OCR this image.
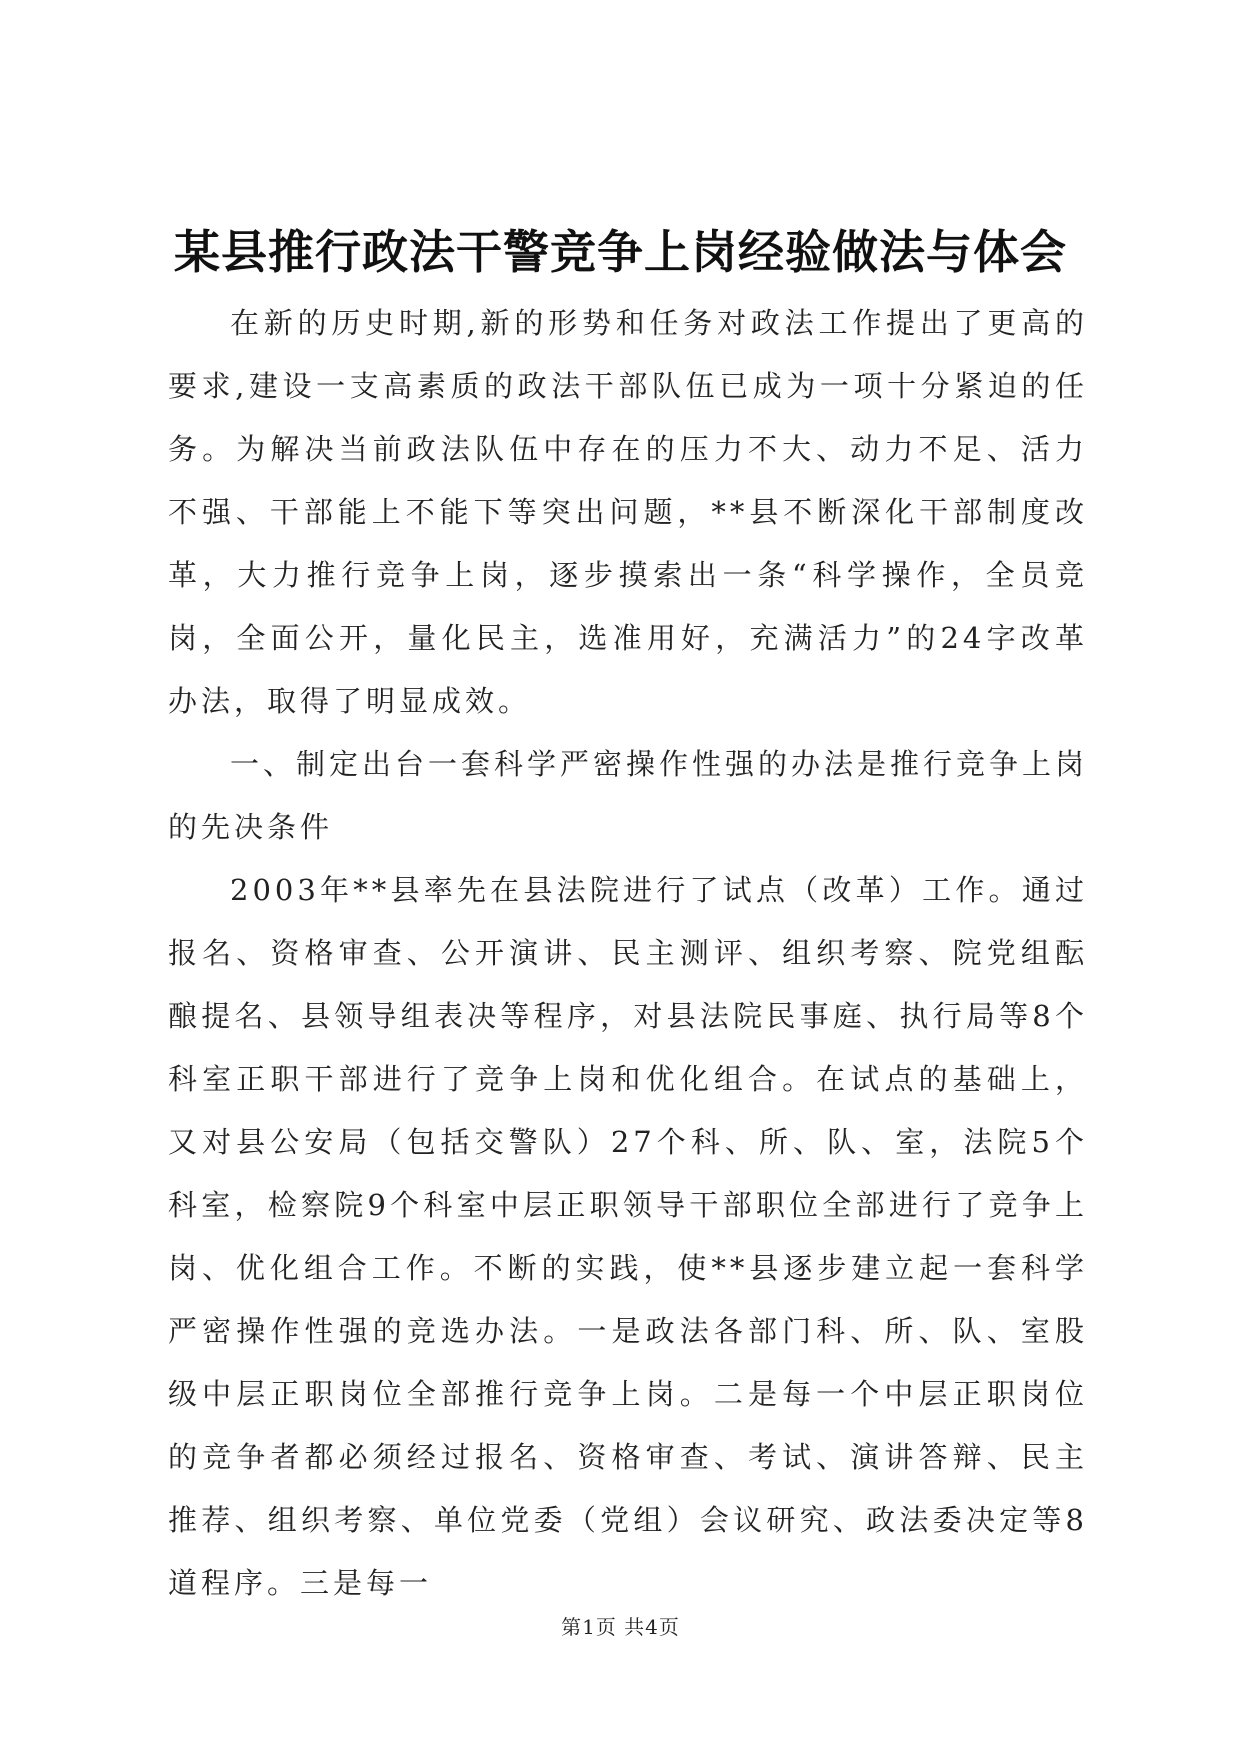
某县推行政法干警竞争上岗经验做法与体会

在新的历史时期,新的形势和任务对政法工作提出了更高的要求,建设一支高素质的政法干部队伍已成为一项十分紧迫的任务。为解决当前政法队伍中存在的压力不大、动力不足、活力不强、干部能上不能下等突出问题，**县不断深化干部制度改革，大力推行竞争上岗，逐步摸索出一条“科学操作，全员竞岗，全面公开，量化民主，选准用好，充满活力”的24字改革办法，取得了明显成效。

一、制定出台一套科学严密操作性强的办法是推行竞争上岗的先决条件

2003年**县率先在县法院进行了试点（改革）工作。通过报名、资格审查、公开演讲、民主测评、组织考察、院党组酝酿提名、县领导组表决等程序，对县法院民事庭、执行局等8个科室正职干部进行了竞争上岗和优化组合。在试点的基础上，又对县公安局（包括交警队）27个科、所、队、室，法院5个科室，检察院9个科室中层正职领导干部职位全部进行了竞争上岗、优化组合工作。不断的实践，使**县逐步建立起一套科学严密操作性强的竞选办法。一是政法各部门科、所、队、室股级中层正职岗位全部推行竞争上岗。二是每一个中层正职岗位的竞争者都必须经过报名、资格审查、考试、演讲答辩、民主推荐、组织考察、单位党委（党组）会议研究、政法委决定等8道程序。三是每一

第1页 共4页
